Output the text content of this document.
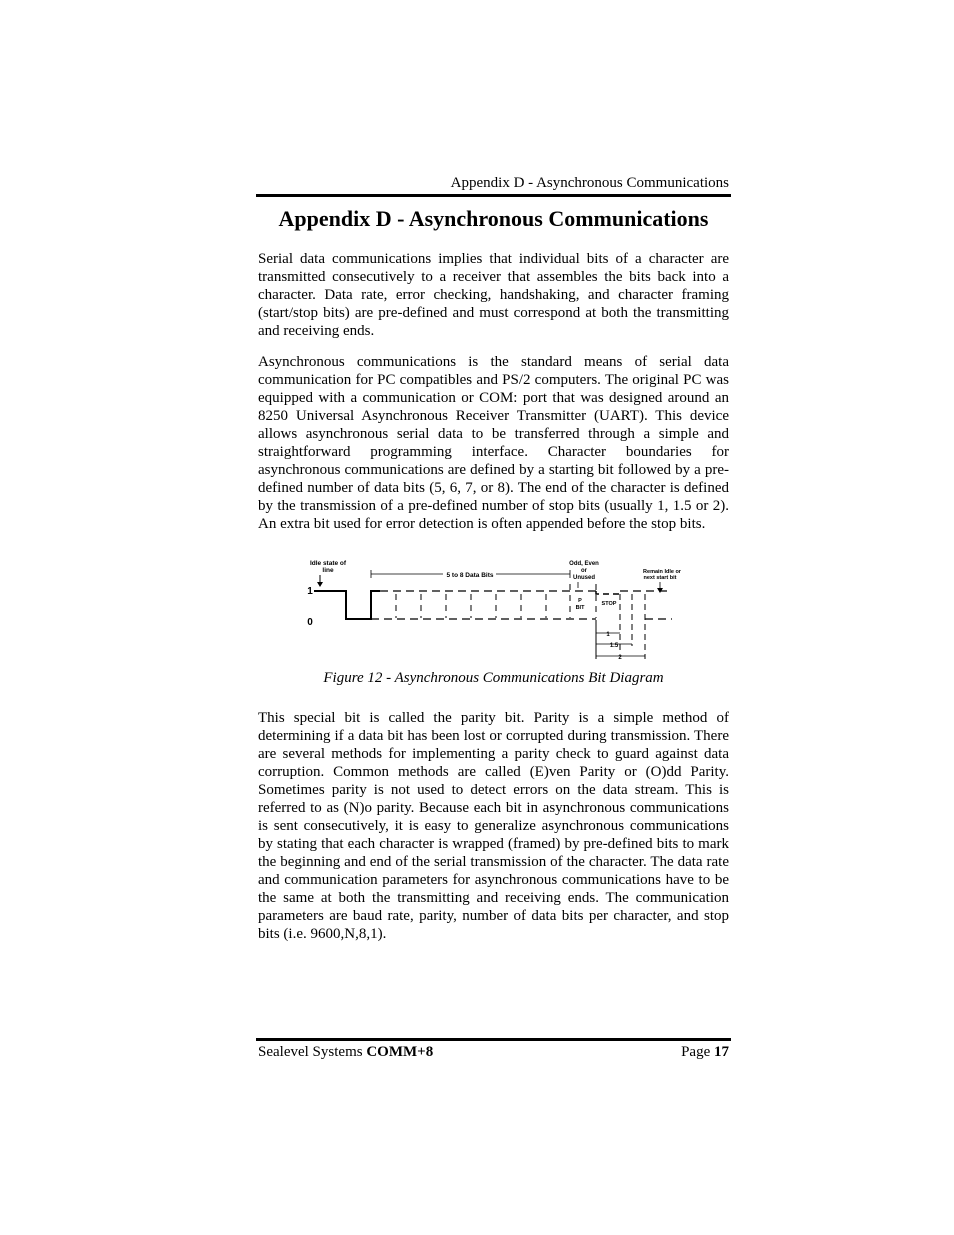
Appendix D - Asynchronous Communications
Appendix D - Asynchronous Communications

Serial data communications implies that individual bits of a character are transmitted consecutively to a receiver that assembles the bits back into a character. Data rate, error checking, handshaking, and character framing (start/stop bits) are pre-defined and must correspond at both the transmitting and receiving ends.

Asynchronous communications is the standard means of serial data communication for PC compatibles and PS/2 computers. The original PC was equipped with a communication or COM: port that was designed around an 8250 Universal Asynchronous Receiver Transmitter (UART). This device allows asynchronous serial data to be transferred through a simple and straightforward programming interface. Character boundaries for asynchronous communications are defined by a starting bit followed by a pre-defined number of data bits (5, 6, 7, or 8). The end of the character is defined by the transmission of a pre-defined number of stop bits (usually 1, 1.5 or 2). An extra bit used for error detection is often appended before the stop bits.

Idle state of
line
5 to 8 Data Bits
Odd, Even
or
Unused
Remain Idle or
next start bit
1
0
P
BIT
STOP
1
1.5
2

Figure 12 - Asynchronous Communications Bit Diagram

This special bit is called the parity bit. Parity is a simple method of determining if a data bit has been lost or corrupted during transmission. There are several methods for implementing a parity check to guard against data corruption. Common methods are called (E)ven Parity or (O)dd Parity. Sometimes parity is not used to detect errors on the data stream. This is referred to as (N)o parity. Because each bit in asynchronous communications is sent consecutively, it is easy to generalize asynchronous communications by stating that each character is wrapped (framed) by pre-defined bits to mark the beginning and end of the serial transmission of the character. The data rate and communication parameters for asynchronous communications have to be the same at both the transmitting and receiving ends. The communication parameters are baud rate, parity, number of data bits per character, and stop bits (i.e. 9600,N,8,1).

Sealevel Systems COMM+8	Page 17
